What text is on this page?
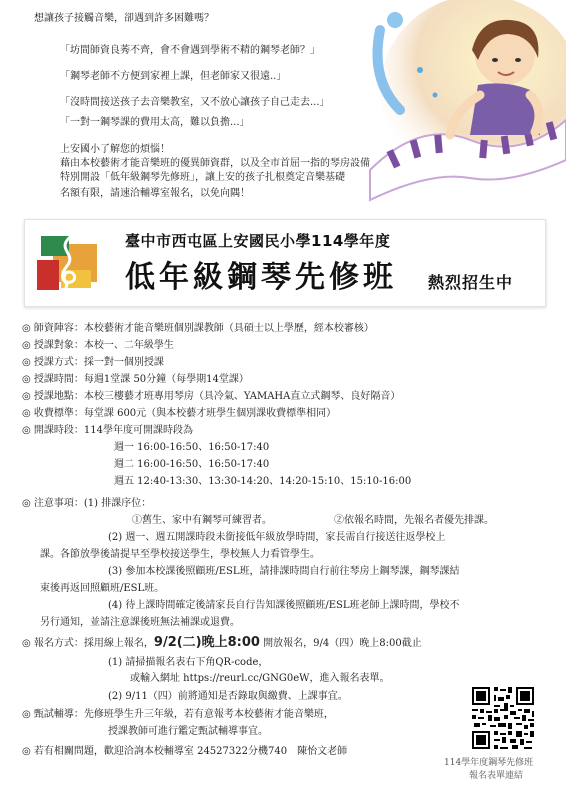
想讓孩子接觸音樂，卻遇到許多困難嗎？
「坊間師資良莠不齊，會不會遇到學術不精的鋼琴老師？」
「鋼琴老師不方便到家裡上課，但老師家又很遠..」
「沒時間接送孩子去音樂教室，又不放心讓孩子自己走去...」
「一對一鋼琴課的費用太高，難以負擔...」
上安國小了解您的煩惱！
藉由本校藝術才能音樂班的優異師資群，以及全市首屈一指的琴房設備
特別開設「低年級鋼琴先修班」，讓上安的孩子扎根奠定音樂基礎
名額有限，請速洽輔導室報名，以免向隅！
臺中市西屯區上安國民小學114學年度
低年級鋼琴先修班 熱烈招生中
◎ 師資陣容：本校藝術才能音樂班個別課教師（具碩士以上學歷，經本校審核）
◎ 授課對象：本校一、二年級學生
◎ 授課方式：採一對一個別授課
◎ 授課時間：每週1堂課 50分鐘（每學期14堂課）
◎ 授課地點：本校三樓藝才班專用琴房（具冷氣、YAMAHA直立式鋼琴、良好隔音）
◎ 收費標準：每堂課 600元（與本校藝才班學生個別課收費標準相同）
◎ 開課時段：114學年度可開課時段為
週一 16:00-16:50、16:50-17:40
週二 16:00-16:50、16:50-17:40
週五 12:40-13:30、13:30-14:20、14:20-15:10、15:10-16:00
◎ 注意事項：(1) 排課序位：
①舊生、家中有鋼琴可練習者。	②依報名時間，先報名者優先排課。
(2) 週一、週五開課時段未銜接低年級放學時間，家長需自行接送往返學校上
課。各節放學後請提早至學校接送學生，學校無人力看管學生。
(3) 參加本校課後照顧班/ESL班，請排課時間自行前往琴房上鋼琴課，鋼琴課結
束後再返回照顧班/ESL班。
(4) 待上課時間確定後請家長自行告知課後照顧班/ESL班老師上課時間，學校不
另行通知，並請注意課後班無法補課或退費。
◎ 報名方式：採用線上報名，9/2(二)晚上8:00 開放報名，9/4（四）晚上8:00截止
(1) 請掃描報名表右下角QR-code，
或輸入網址 https://reurl.cc/GNG0eW，進入報名表單。
(2) 9/11（四）前將通知是否錄取與繳費、上課事宜。
◎ 甄試輔導：先修班學生升三年級，若有意報考本校藝術才能音樂班，
授課教師可進行鑑定甄試輔導事宜。
◎ 若有相關問題，歡迎洽詢本校輔導室 24527322分機740　陳怡文老師
114學年度鋼琴先修班
報名表單連結
